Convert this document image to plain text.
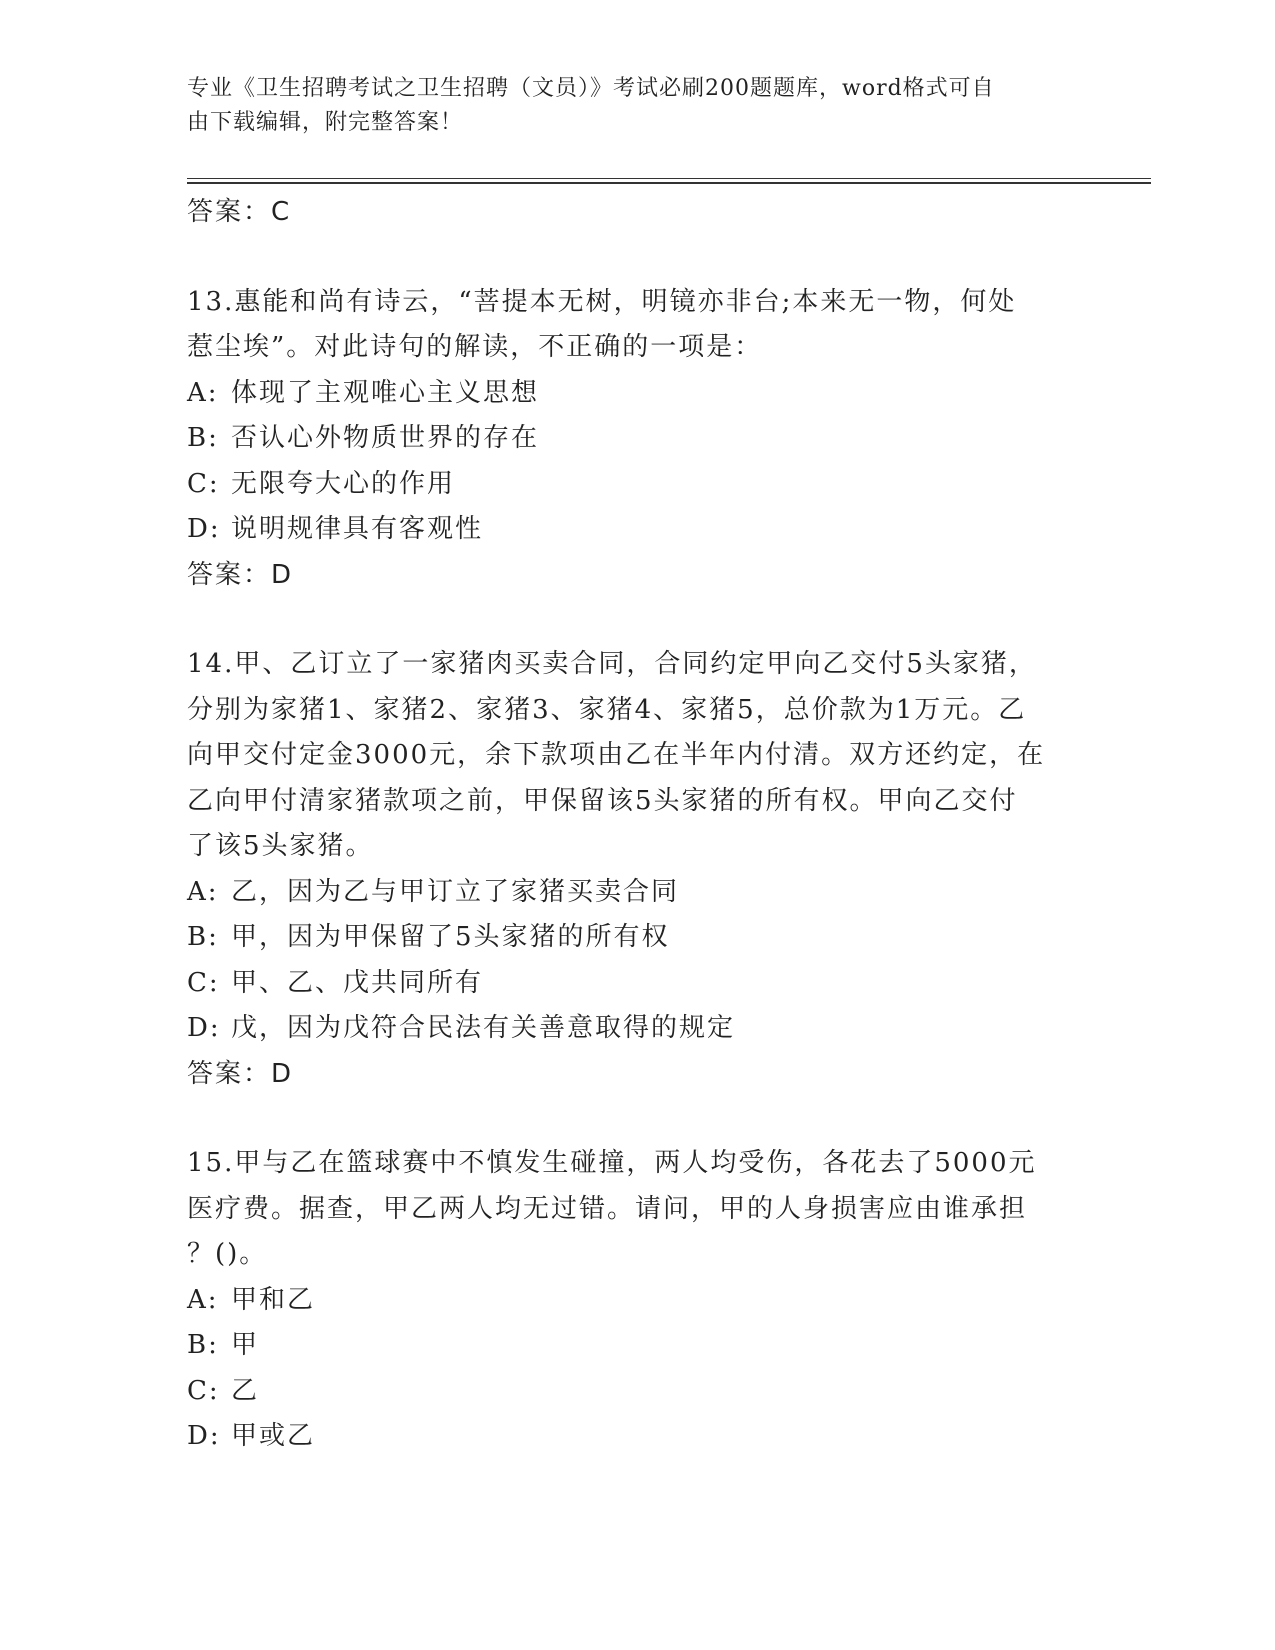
专业《卫生招聘考试之卫生招聘（文员）》考试必刷200题题库，word格式可自
由下载编辑，附完整答案！
答案：C
13.惠能和尚有诗云，“菩提本无树，明镜亦非台;本来无一物，何处
惹尘埃”。对此诗句的解读，不正确的一项是：
A: 体现了主观唯心主义思想
B: 否认心外物质世界的存在
C: 无限夸大心的作用
D: 说明规律具有客观性
答案：D
14.甲、乙订立了一家猪肉买卖合同，合同约定甲向乙交付5头家猪，
分别为家猪1、家猪2、家猪3、家猪4、家猪5，总价款为1万元。乙
向甲交付定金3000元，余下款项由乙在半年内付清。双方还约定，在
乙向甲付清家猪款项之前，甲保留该5头家猪的所有权。甲向乙交付
了该5头家猪。
A: 乙，因为乙与甲订立了家猪买卖合同
B: 甲，因为甲保留了5头家猪的所有权
C: 甲、乙、戊共同所有
D: 戊，因为戊符合民法有关善意取得的规定
答案：D
15.甲与乙在篮球赛中不慎发生碰撞，两人均受伤，各花去了5000元
医疗费。据查，甲乙两人均无过错。请问，甲的人身损害应由谁承担
？()。
A: 甲和乙
B: 甲
C: 乙
D: 甲或乙
